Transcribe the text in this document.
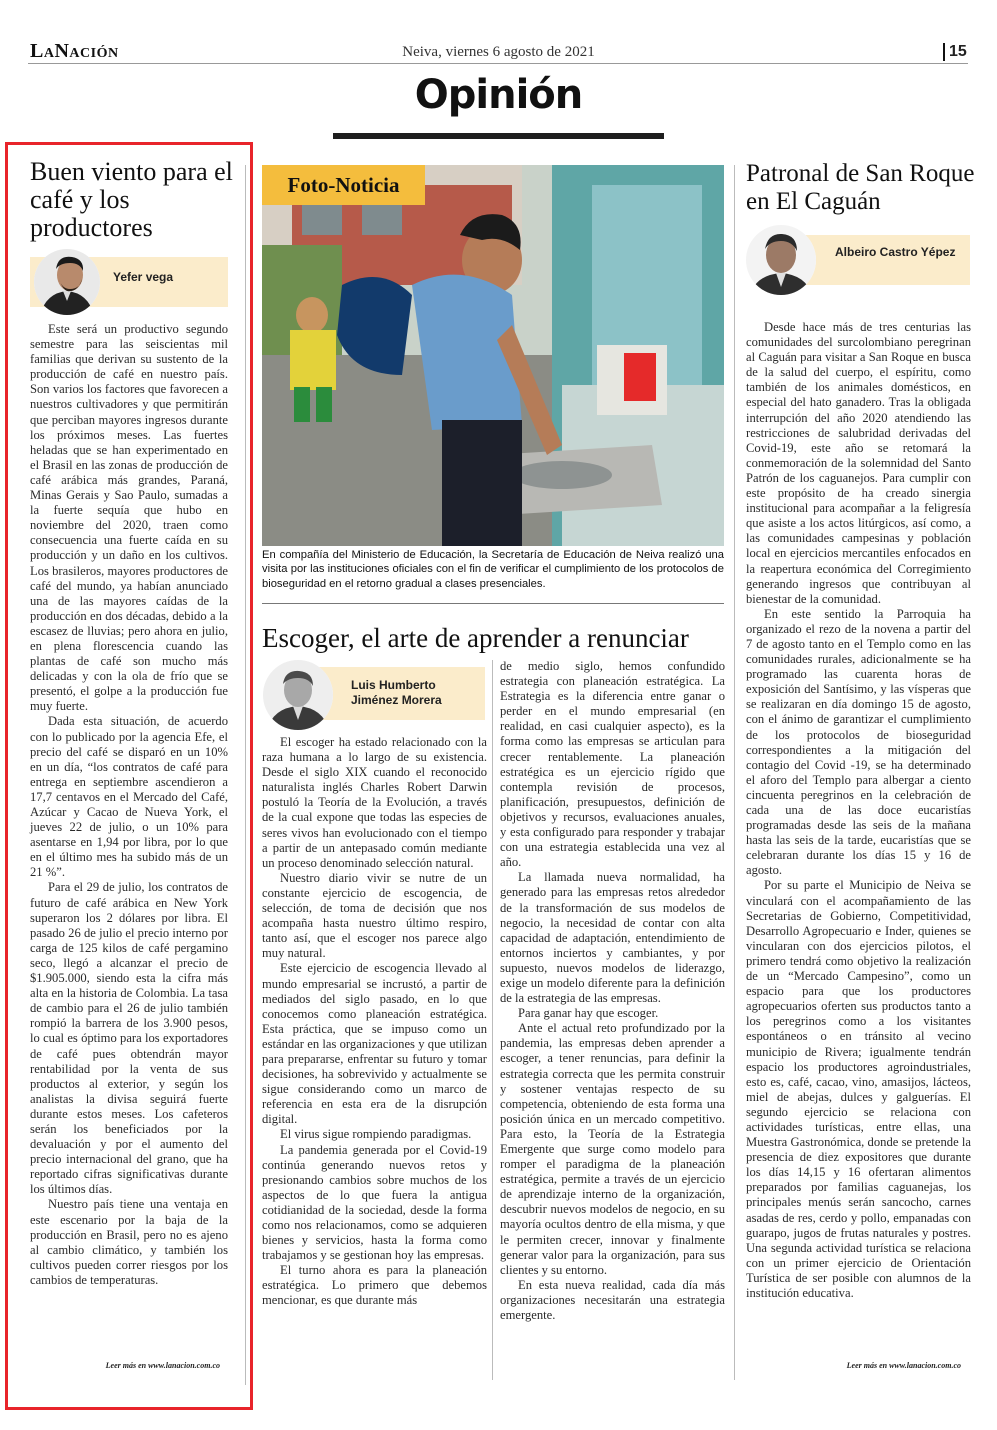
LaNación	Neiva, viernes 6 agosto de 2021	15
Opinión
Buen viento para el café y los productores
Yefer vega

Este será un productivo segundo semestre para las seiscientas mil familias que derivan su sustento de la producción de café en nuestro país. Son varios los factores que favorecen a nuestros cultivadores y que permitirán que perciban mayores ingresos durante los próximos meses. Las fuertes heladas que se han experimentado en el Brasil en las zonas de producción de café arábica más grandes, Paraná, Minas Gerais y Sao Paulo, sumadas a la fuerte sequía que hubo en noviembre del 2020, traen como consecuencia una fuerte caída en su producción y un daño en los cultivos. Los brasileros, mayores productores de café del mundo, ya habían anunciado una de las mayores caídas de la producción en dos décadas, debido a la escasez de lluvias; pero ahora en julio, en plena florescencia cuando las plantas de café son mucho más delicadas y con la ola de frío que se presentó, el golpe a la producción fue muy fuerte.

Dada esta situación, de acuerdo con lo publicado por la agencia Efe, el precio del café se disparó en un 10% en un día, “los contratos de café para entrega en septiembre ascendieron a 17,7 centavos en el Mercado del Café, Azúcar y Cacao de Nueva York, el jueves 22 de julio, o un 10% para asentarse en 1,94 por libra, por lo que en el último mes ha subido más de un 21 %”.

Para el 29 de julio, los contratos de futuro de café arábica en New York superaron los 2 dólares por libra. El pasado 26 de julio el precio interno por carga de 125 kilos de café pergamino seco, llegó a alcanzar el precio de $1.905.000, siendo esta la cifra más alta en la historia de Colombia. La tasa de cambio para el 26 de julio también rompió la barrera de los 3.900 pesos, lo cual es óptimo para los exportadores de café pues obtendrán mayor rentabilidad por la venta de sus productos al exterior, y según los analistas la divisa seguirá fuerte durante estos meses. Los cafeteros serán los beneficiados por la devaluación y por el aumento del precio internacional del grano, que ha reportado cifras significativas durante los últimos días.

Nuestro país tiene una ventaja en este escenario por la baja de la producción en Brasil, pero no es ajeno al cambio climático, y también los cultivos pueden correr riesgos por los cambios de temperaturas.

Leer más en www.lanacion.com.co
Foto-Noticia
En compañía del Ministerio de Educación, la Secretaría de Educación de Neiva realizó una visita por las instituciones oficiales con el fin de verificar el cumplimiento de los protocolos de bioseguridad en el retorno gradual a clases presenciales.
Escoger, el arte de aprender a renunciar
Luis Humberto Jiménez Morera

El escoger ha estado relacionado con la raza humana a lo largo de su existencia. Desde el siglo XIX cuando el reconocido naturalista inglés Charles Robert Darwin postuló la Teoría de la Evolución, a través de la cual expone que todas las especies de seres vivos han evolucionado con el tiempo a partir de un antepasado común mediante un proceso denominado selección natural.

Nuestro diario vivir se nutre de un constante ejercicio de escogencia, de selección, de toma de decisión que nos acompaña hasta nuestro último respiro, tanto así, que el escoger nos parece algo muy natural.

Este ejercicio de escogencia llevado al mundo empresarial se incrustó, a partir de mediados del siglo pasado, en lo que conocemos como planeación estratégica. Esta práctica, que se impuso como un estándar en las organizaciones y que utilizan para prepararse, enfrentar su futuro y tomar decisiones, ha sobrevivido y actualmente se sigue considerando como un marco de referencia en esta era de la disrupción digital.

El virus sigue rompiendo paradigmas.

La pandemia generada por el Covid-19 continúa generando nuevos retos y presionando cambios sobre muchos de los aspectos de lo que fuera la antigua cotidianidad de la sociedad, desde la forma como nos relacionamos, como se adquieren bienes y servicios, hasta la forma como trabajamos y se gestionan hoy las empresas.

El turno ahora es para la planeación estratégica. Lo primero que debemos mencionar, es que durante más

de medio siglo, hemos confundido estrategia con planeación estratégica. La Estrategia es la diferencia entre ganar o perder en el mundo empresarial (en realidad, en casi cualquier aspecto), es la forma como las empresas se articulan para crecer rentablemente. La planeación estratégica es un ejercicio rígido que contempla revisión de procesos, planificación, presupuestos, definición de objetivos y recursos, evaluaciones anuales, y esta configurado para responder y trabajar con una estrategia establecida una vez al año.

La llamada nueva normalidad, ha generado para las empresas retos alrededor de la transformación de sus modelos de negocio, la necesidad de contar con alta capacidad de adaptación, entendimiento de entornos inciertos y cambiantes, y por supuesto, nuevos modelos de liderazgo, exige un modelo diferente para la definición de la estrategia de las empresas.

Para ganar hay que escoger.

Ante el actual reto profundizado por la pandemia, las empresas deben aprender a escoger, a tener renuncias, para definir la estrategia correcta que les permita construir y sostener ventajas respecto de su competencia, obteniendo de esta forma una posición única en un mercado competitivo. Para esto, la Teoría de la Estrategia Emergente que surge como modelo para romper el paradigma de la planeación estratégica, permite a través de un ejercicio de aprendizaje interno de la organización, descubrir nuevos modelos de negocio, en su mayoría ocultos dentro de ella misma, y que le permiten crecer, innovar y finalmente generar valor para la organización, para sus clientes y su entorno.

En esta nueva realidad, cada día más organizaciones necesitarán una estrategia emergente.

Patronal de San Roque en El Caguán
Albeiro Castro Yépez

Desde hace más de tres centurias las comunidades del surcolombiano peregrinan al Caguán para visitar a San Roque en busca de la salud del cuerpo, el espíritu, como también de los animales domésticos, en especial del hato ganadero. Tras la obligada interrupción del año 2020 atendiendo las restricciones de salubridad derivadas del Covid-19, este año se retomará la conmemoración de la solemnidad del Santo Patrón de los caguanejos. Para cumplir con este propósito de ha creado sinergia institucional para acompañar a la feligresía que asiste a los actos litúrgicos, así como, a las comunidades campesinas y población local en ejercicios mercantiles enfocados en la reapertura económica del Corregimiento generando ingresos que contribuyan al bienestar de la comunidad.

En este sentido la Parroquia ha organizado el rezo de la novena a partir del 7 de agosto tanto en el Templo como en las comunidades rurales, adicionalmente se ha programado las cuarenta horas de exposición del Santísimo, y las vísperas que se realizaran en día domingo 15 de agosto, con el ánimo de garantizar el cumplimiento de los protocolos de bioseguridad correspondientes a la mitigación del contagio del Covid -19, se ha determinado el aforo del Templo para albergar a ciento cincuenta peregrinos en la celebración de cada una de las doce eucaristías programadas desde las seis de la mañana hasta las seis de la tarde, eucaristías que se celebraran durante los días 15 y 16 de agosto.

Por su parte el Municipio de Neiva se vinculará con el acompañamiento de las Secretarias de Gobierno, Competitividad, Desarrollo Agropecuario e Inder, quienes se vincularan con dos ejercicios pilotos, el primero tendrá como objetivo la realización de un “Mercado Campesino”, como un espacio para que los productores agropecuarios oferten sus productos tanto a los peregrinos como a los visitantes espontáneos o en tránsito al vecino municipio de Rivera; igualmente tendrán espacio los productores agroindustriales, esto es, café, cacao, vino, amasijos, lácteos, miel de abejas, dulces y galguerías. El segundo ejercicio se relaciona con actividades turísticas, entre ellas, una Muestra Gastronómica, donde se pretende la presencia de diez expositores que durante los días 14,15 y 16 ofertaran alimentos preparados por familias caguanejas, los principales menús serán sancocho, carnes asadas de res, cerdo y pollo, empanadas con guarapo, jugos de frutas naturales y postres. Una segunda actividad turística se relaciona con un primer ejercicio de Orientación Turística de ser posible con alumnos de la institución educativa.

Leer más en www.lanacion.com.co
